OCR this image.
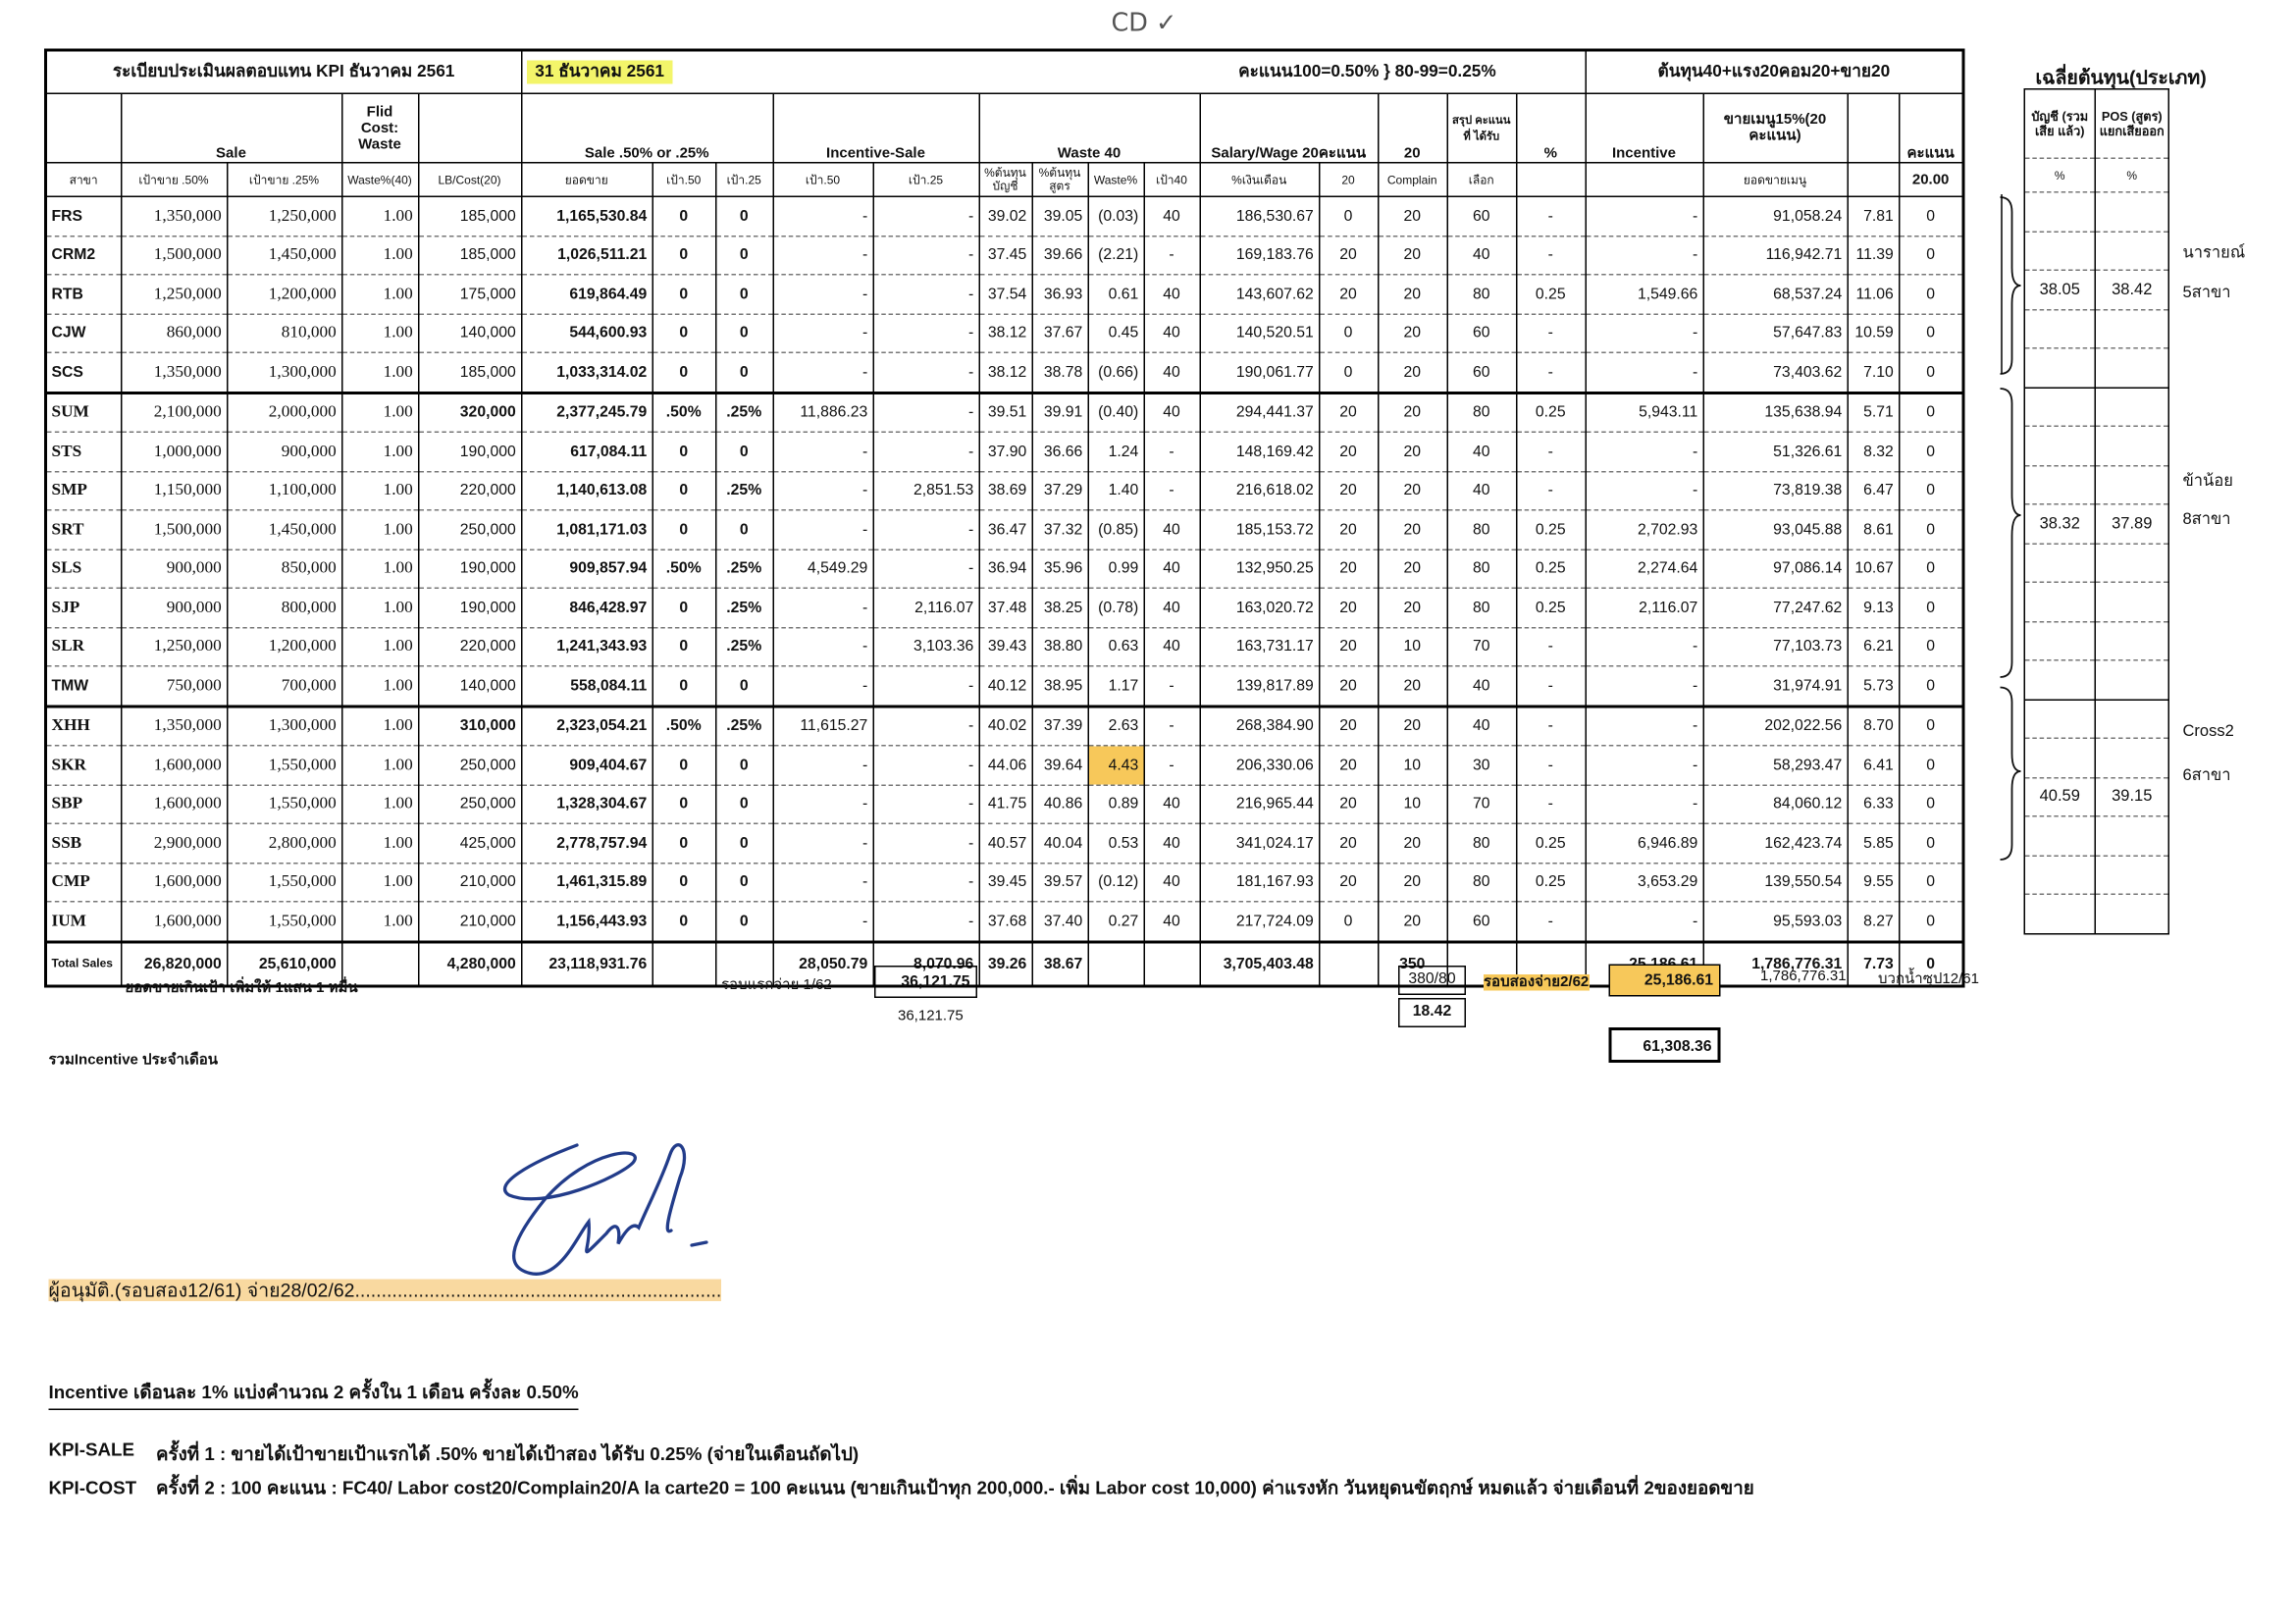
CD ✓
ระเบียบประเมินผลตอบแทน KPI ธันวาคม 2561					31 ธันวาคม 2561			คะแนน100=0.50% } 80-99=0.25%											ต้นทุน40+แรง20คอม20+ขาย20			
	Sale		Flid Cost: Waste		Sale .50% or .25%			Incentive-Sale		Waste 40				Salary/Wage 20คะแนน		20	สรุป คะแนนที่ ได้รับ	%	Incentive	ขายเมนู15%(20 คะแนน)		คะแนน
สาขา	เป้าขาย .50%	เป้าขาย .25%	Waste%(40)	LB/Cost(20)	ยอดขาย	เป้า.50	เป้า.25	เป้า.50	เป้า.25	%ต้นทุน บัญชี	%ต้นทุน สูตร	Waste%	เป้า40	%เงินเดือน	20	Complain	เลือก			ยอดขายเมนู		20.00
FRS	1,350,000	1,250,000	1.00	185,000	1,165,530.84	0	0	-	-	39.02	39.05	(0.03)	40	186,530.67	0	20	60	-	-	91,058.24	7.81	0
CRM2	1,500,000	1,450,000	1.00	185,000	1,026,511.21	0	0	-	-	37.45	39.66	(2.21)	-	169,183.76	20	20	40	-	-	116,942.71	11.39	0
RTB	1,250,000	1,200,000	1.00	175,000	619,864.49	0	0	-	-	37.54	36.93	0.61	40	143,607.62	20	20	80	0.25	1,549.66	68,537.24	11.06	0
CJW	860,000	810,000	1.00	140,000	544,600.93	0	0	-	-	38.12	37.67	0.45	40	140,520.51	0	20	60	-	-	57,647.83	10.59	0
SCS	1,350,000	1,300,000	1.00	185,000	1,033,314.02	0	0	-	-	38.12	38.78	(0.66)	40	190,061.77	0	20	60	-	-	73,403.62	7.10	0
SUM	2,100,000	2,000,000	1.00	320,000	2,377,245.79	.50%	.25%	11,886.23	-	39.51	39.91	(0.40)	40	294,441.37	20	20	80	0.25	5,943.11	135,638.94	5.71	0
STS	1,000,000	900,000	1.00	190,000	617,084.11	0	0	-	-	37.90	36.66	1.24	-	148,169.42	20	20	40	-	-	51,326.61	8.32	0
SMP	1,150,000	1,100,000	1.00	220,000	1,140,613.08	0	.25%	-	2,851.53	38.69	37.29	1.40	-	216,618.02	20	20	40	-	-	73,819.38	6.47	0
SRT	1,500,000	1,450,000	1.00	250,000	1,081,171.03	0	0	-	-	36.47	37.32	(0.85)	40	185,153.72	20	20	80	0.25	2,702.93	93,045.88	8.61	0
SLS	900,000	850,000	1.00	190,000	909,857.94	.50%	.25%	4,549.29	-	36.94	35.96	0.99	40	132,950.25	20	20	80	0.25	2,274.64	97,086.14	10.67	0
SJP	900,000	800,000	1.00	190,000	846,428.97	0	.25%	-	2,116.07	37.48	38.25	(0.78)	40	163,020.72	20	20	80	0.25	2,116.07	77,247.62	9.13	0
SLR	1,250,000	1,200,000	1.00	220,000	1,241,343.93	0	.25%	-	3,103.36	39.43	38.80	0.63	40	163,731.17	20	10	70	-	-	77,103.73	6.21	0
TMW	750,000	700,000	1.00	140,000	558,084.11	0	0	-	-	40.12	38.95	1.17	-	139,817.89	20	20	40	-	-	31,974.91	5.73	0
XHH	1,350,000	1,300,000	1.00	310,000	2,323,054.21	.50%	.25%	11,615.27	-	40.02	37.39	2.63	-	268,384.90	20	20	40	-	-	202,022.56	8.70	0
SKR	1,600,000	1,550,000	1.00	250,000	909,404.67	0	0	-	-	44.06	39.64	4.43	-	206,330.06	20	10	30	-	-	58,293.47	6.41	0
SBP	1,600,000	1,550,000	1.00	250,000	1,328,304.67	0	0	-	-	41.75	40.86	0.89	40	216,965.44	20	10	70	-	-	84,060.12	6.33	0
SSB	2,900,000	2,800,000	1.00	425,000	2,778,757.94	0	0	-	-	40.57	40.04	0.53	40	341,024.17	20	20	80	0.25	6,946.89	162,423.74	5.85	0
CMP	1,600,000	1,550,000	1.00	210,000	1,461,315.89	0	0	-	-	39.45	39.57	(0.12)	40	181,167.93	20	20	80	0.25	3,653.29	139,550.54	9.55	0
IUM	1,600,000	1,550,000	1.00	210,000	1,156,443.93	0	0	-	-	37.68	37.40	0.27	40	217,724.09	0	20	60	-	-	95,593.03	8.27	0
Total Sales	26,820,000	25,610,000		4,280,000	23,118,931.76			28,050.79	8,070.96	39.26	38.67			3,705,403.48		350				1,786,776.31	7.73	0
เฉลี่ยต้นทุน(ประเภท)
บัญชี (รวมเสีย แล้ว)	POS (สูตร) แยกเสียออก
%	%

38.05	38.42

38.32	37.89

40.59	39.15

นารายณ์
5สาขา
ข้าน้อย
8สาขา
Cross2
6สาขา
ยอดขายเกินเป้า เพิ่มให้ 1แสน 1 หมื่น	รอบแรกจ่าย 1/62	36,121.75
36,121.75
380/80
18.42
รอบสองจ่าย2/62	25,186.61	1,786,776.31	บวกน้ำซุป12/61
รวมIncentive ประจำเดือน
61,308.36
ผู้อนุมัติ.(รอบสอง12/61) จ่าย28/02/62.....................................................................
Incentive เดือนละ 1% แบ่งคำนวณ 2 ครั้งใน 1 เดือน ครั้งละ 0.50%
KPI-SALE ครั้งที่ 1 : ขายได้เป้าขายเป้าแรกได้ .50% ขายได้เป้าสอง ได้รับ 0.25% (จ่ายในเดือนถัดไป)
KPI-COST ครั้งที่ 2 : 100 คะแนน : FC40/ Labor cost20/Complain20/A la carte20 = 100 คะแนน (ขายเกินเป้าทุก 200,000.- เพิ่ม Labor cost 10,000) ค่าแรงหัก วันหยุดนขัตฤกษ์ หมดแล้ว จ่ายเดือนที่ 2ของยอดขาย
